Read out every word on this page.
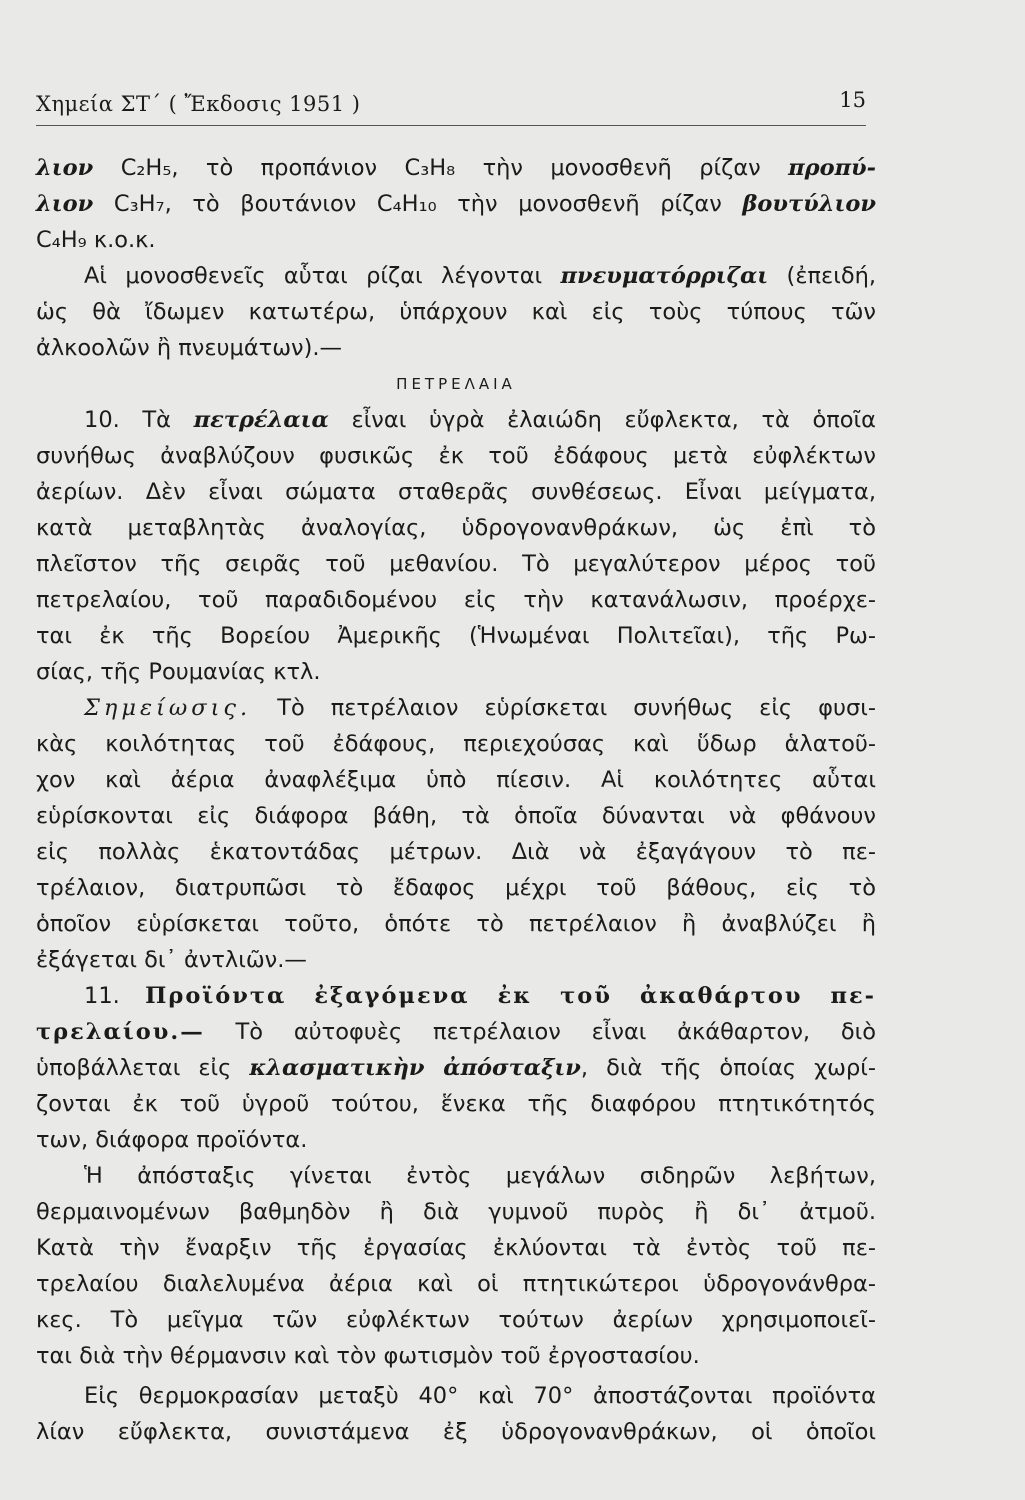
Χημεία ΣΤ΄ ( Ἔκδοσις 1951 )	15
λιον C₂H₅, τὸ προπάνιον C₃H₈ τὴν μονοσθενῆ ρίζαν προπύ-
λιον C₃H₇, τὸ βουτάνιον C₄H₁₀ τὴν μονοσθενῆ ρίζαν βουτύλιον
C₄H₉ κ.ο.κ.
Αἱ μονοσθενεῖς αὗται ρίζαι λέγονται πνευματόρριζαι (ἐπειδή,
ὡς θὰ ἴδωμεν κατωτέρω, ὑπάρχουν καὶ εἰς τοὺς τύπους τῶν
ἀλκοολῶν ἢ πνευμάτων).—
ΠΕΤΡΕΛΑΙΑ
10. Τὰ πετρέλαια εἶναι ὑγρὰ ἐλαιώδη εὔφλεκτα, τὰ ὁποῖα
συνήθως ἀναβλύζουν φυσικῶς ἐκ τοῦ ἐδάφους μετὰ εὐφλέκτων
ἀερίων. Δὲν εἶναι σώματα σταθερᾶς συνθέσεως. Εἶναι μείγματα,
κατὰ μεταβλητὰς ἀναλογίας, ὑδρογονανθράκων, ὡς ἐπὶ τὸ
πλεῖστον τῆς σειρᾶς τοῦ μεθανίου. Τὸ μεγαλύτερον μέρος τοῦ
πετρελαίου, τοῦ παραδιδομένου εἰς τὴν κατανάλωσιν, προέρχε-
ται ἐκ τῆς Βορείου Ἀμερικῆς (Ἡνωμέναι Πολιτεῖαι), τῆς Ρω-
σίας, τῆς Ρουμανίας κτλ.
Σημείωσις. Τὸ πετρέλαιον εὑρίσκεται συνήθως εἰς φυσι-
κὰς κοιλότητας τοῦ ἐδάφους, περιεχούσας καὶ ὕδωρ ἁλατοῦ-
χον καὶ ἀέρια ἀναφλέξιμα ὑπὸ πίεσιν. Αἱ κοιλότητες αὗται
εὑρίσκονται εἰς διάφορα βάθη, τὰ ὁποῖα δύνανται νὰ φθάνουν
εἰς πολλὰς ἑκατοντάδας μέτρων. Διὰ νὰ ἐξαγάγουν τὸ πε-
τρέλαιον, διατρυπῶσι τὸ ἔδαφος μέχρι τοῦ βάθους, εἰς τὸ
ὁποῖον εὑρίσκεται τοῦτο, ὁπότε τὸ πετρέλαιον ἢ ἀναβλύζει ἢ
ἐξάγεται δι᾽ ἀντλιῶν.—
11. Προϊόντα ἐξαγόμενα ἐκ τοῦ ἀκαθάρτου πε-
τρελαίου.— Τὸ αὐτοφυὲς πετρέλαιον εἶναι ἀκάθαρτον, διὸ
ὑποβάλλεται εἰς κλασματικὴν ἀπόσταξιν, διὰ τῆς ὁποίας χωρί-
ζονται ἐκ τοῦ ὑγροῦ τούτου, ἕνεκα τῆς διαφόρου πτητικότητός
των, διάφορα προϊόντα.
Ἡ ἀπόσταξις γίνεται ἐντὸς μεγάλων σιδηρῶν λεβήτων,
θερμαινομένων βαθμηδὸν ἢ διὰ γυμνοῦ πυρὸς ἢ δι᾽ ἀτμοῦ.
Κατὰ τὴν ἔναρξιν τῆς ἐργασίας ἐκλύονται τὰ ἐντὸς τοῦ πε-
τρελαίου διαλελυμένα ἀέρια καὶ οἱ πτητικώτεροι ὑδρογονάνθρα-
κες. Τὸ μεῖγμα τῶν εὐφλέκτων τούτων ἀερίων χρησιμοποιεῖ-
ται διὰ τὴν θέρμανσιν καὶ τὸν φωτισμὸν τοῦ ἐργοστασίου.
Εἰς θερμοκρασίαν μεταξὺ 40° καὶ 70° ἀποστάζονται προϊόντα
λίαν εὔφλεκτα, συνιστάμενα ἐξ ὑδρογονανθράκων, οἱ ὁποῖοι
